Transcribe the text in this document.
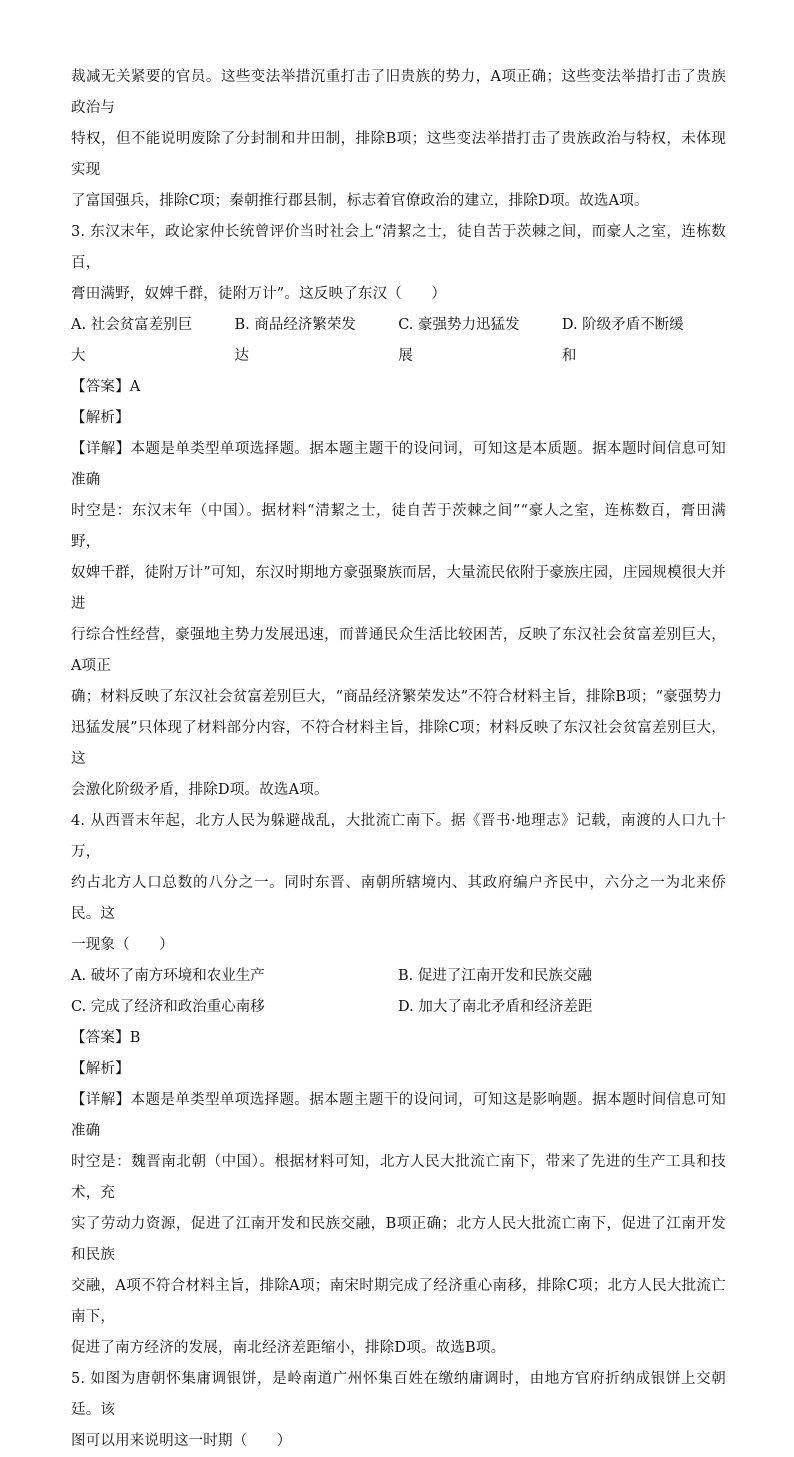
裁减无关紧要的官员。这些变法举措沉重打击了旧贵族的势力，A项正确；这些变法举措打击了贵族政治与

特权，但不能说明废除了分封制和井田制，排除B项；这些变法举措打击了贵族政治与特权，未体现实现

了富国强兵，排除C项；秦朝推行郡县制，标志着官僚政治的建立，排除D项。故选A项。

3. 东汉末年，政论家仲长统曾评价当时社会上“清絜之士，徒自苦于茨棘之间，而豪人之室，连栋数百，

膏田满野，奴婢千群，徒附万计”。这反映了东汉（　　）

A. 社会贫富差别巨大
B. 商品经济繁荣发达
C. 豪强势力迅猛发展
D. 阶级矛盾不断缓和

【答案】A

【解析】

【详解】本题是单类型单项选择题。据本题主题干的设问词，可知这是本质题。据本题时间信息可知准确

时空是：东汉末年（中国）。据材料“清絜之士，徒自苦于茨棘之间”“豪人之室，连栋数百，膏田满野，

奴婢千群，徒附万计”可知，东汉时期地方豪强聚族而居，大量流民依附于豪族庄园，庄园规模很大并进

行综合性经营，豪强地主势力发展迅速，而普通民众生活比较困苦，反映了东汉社会贫富差别巨大，A项正

确；材料反映了东汉社会贫富差别巨大，“商品经济繁荣发达”不符合材料主旨，排除B项；“豪强势力

迅猛发展”只体现了材料部分内容，不符合材料主旨，排除C项；材料反映了东汉社会贫富差别巨大，这

会激化阶级矛盾，排除D项。故选A项。

4. 从西晋末年起，北方人民为躲避战乱，大批流亡南下。据《晋书·地理志》记载，南渡的人口九十万，

约占北方人口总数的八分之一。同时东晋、南朝所辖境内、其政府编户齐民中，六分之一为北来侨民。这

一现象（　　）

A. 破坏了南方环境和农业生产	B. 促进了江南开发和民族交融
C. 完成了经济和政治重心南移	D. 加大了南北矛盾和经济差距

【答案】B

【解析】

【详解】本题是单类型单项选择题。据本题主题干的设问词，可知这是影响题。据本题时间信息可知准确

时空是：魏晋南北朝（中国）。根据材料可知，北方人民大批流亡南下，带来了先进的生产工具和技术，充

实了劳动力资源，促进了江南开发和民族交融，B项正确；北方人民大批流亡南下，促进了江南开发和民族

交融，A项不符合材料主旨，排除A项；南宋时期完成了经济重心南移，排除C项；北方人民大批流亡南下，

促进了南方经济的发展，南北经济差距缩小，排除D项。故选B项。

5. 如图为唐朝怀集庸调银饼，是岭南道广州怀集百姓在缴纳庸调时，由地方官府折纳成银饼上交朝廷。该

图可以用来说明这一时期（　　）
